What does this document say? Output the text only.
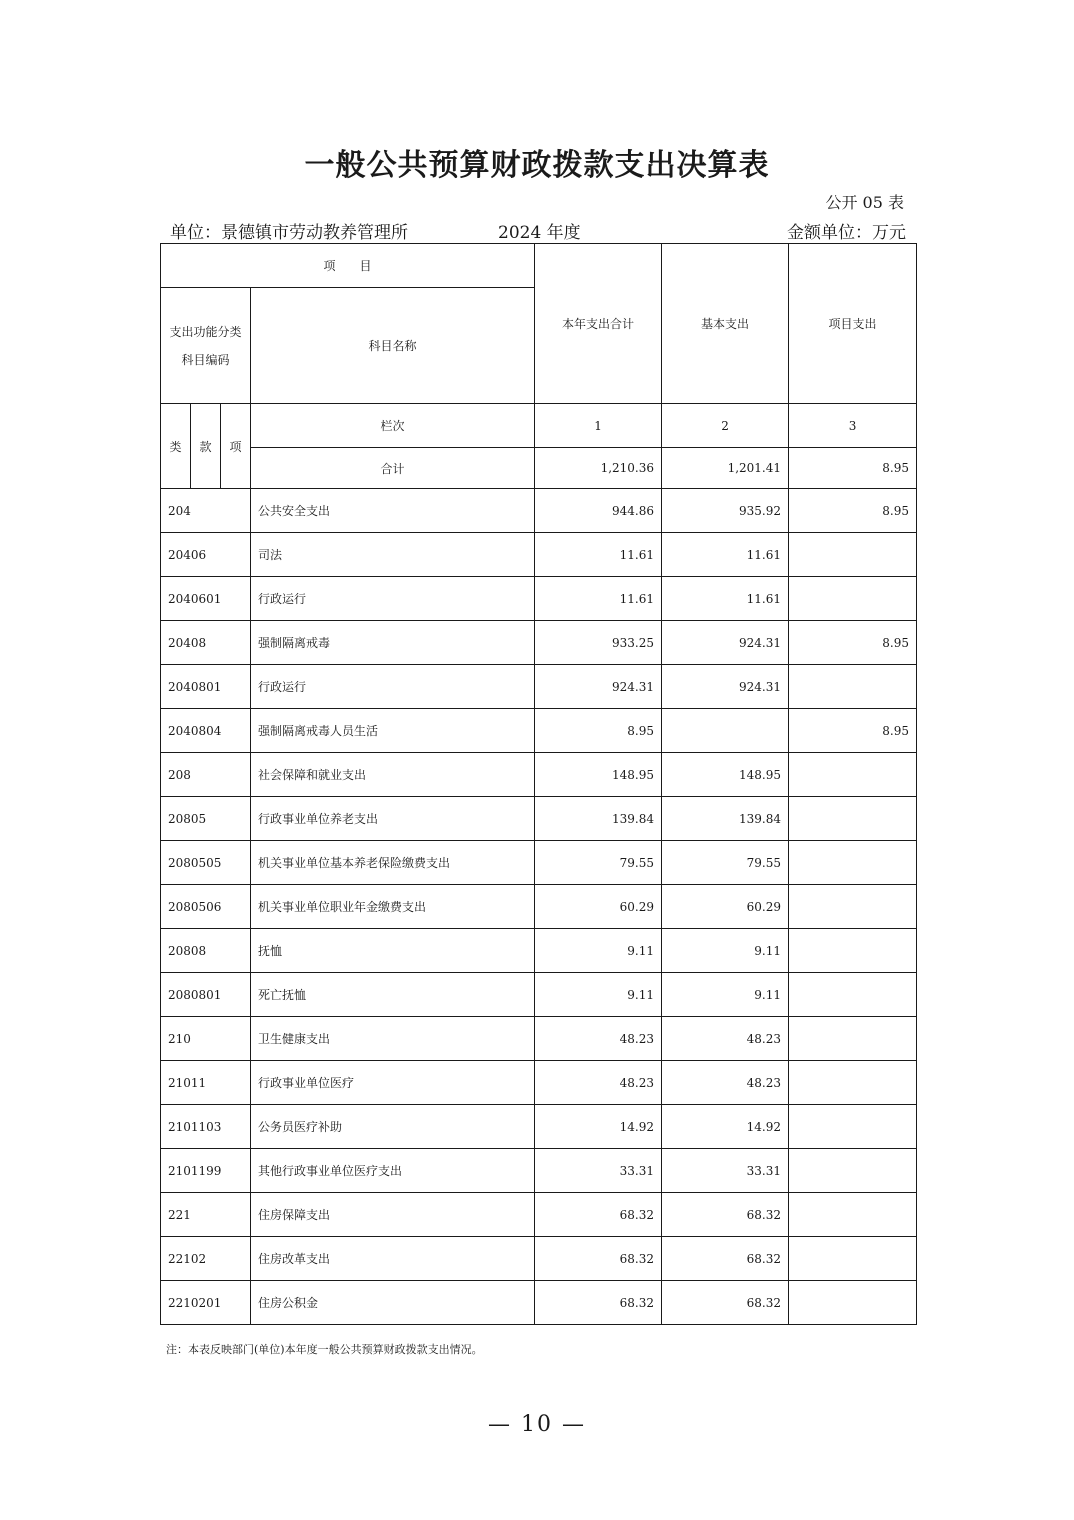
一般公共预算财政拨款支出决算表
公开 05 表
单位：景德镇市劳动教养管理所	2024 年度	金额单位：万元
项　　目				本年支出合计	基本支出	项目支出

支出功能分类
科目编码			科目名称			
类	款	项	栏次	1	2	3
			合计	1,210.36	1,201.41	8.95
204			公共安全支出	944.86	935.92	8.95
20406			司法	11.61	11.61	
2040601			行政运行	11.61	11.61	
20408			强制隔离戒毒	933.25	924.31	8.95
2040801			行政运行	924.31	924.31	
2040804			强制隔离戒毒人员生活	8.95		8.95
208			社会保障和就业支出	148.95	148.95	
20805			行政事业单位养老支出	139.84	139.84	
2080505			机关事业单位基本养老保险缴费支出	79.55	79.55	
2080506			机关事业单位职业年金缴费支出	60.29	60.29	
20808			抚恤	9.11	9.11	
2080801			死亡抚恤	9.11	9.11	
210			卫生健康支出	48.23	48.23	
21011			行政事业单位医疗	48.23	48.23	
2101103			公务员医疗补助	14.92	14.92	
2101199			其他行政事业单位医疗支出	33.31	33.31	
221			住房保障支出	68.32	68.32	
22102			住房改革支出	68.32	68.32	
2210201			住房公积金	68.32	68.32	
注：本表反映部门(单位)本年度一般公共预算财政拨款支出情况。
— 10 —
